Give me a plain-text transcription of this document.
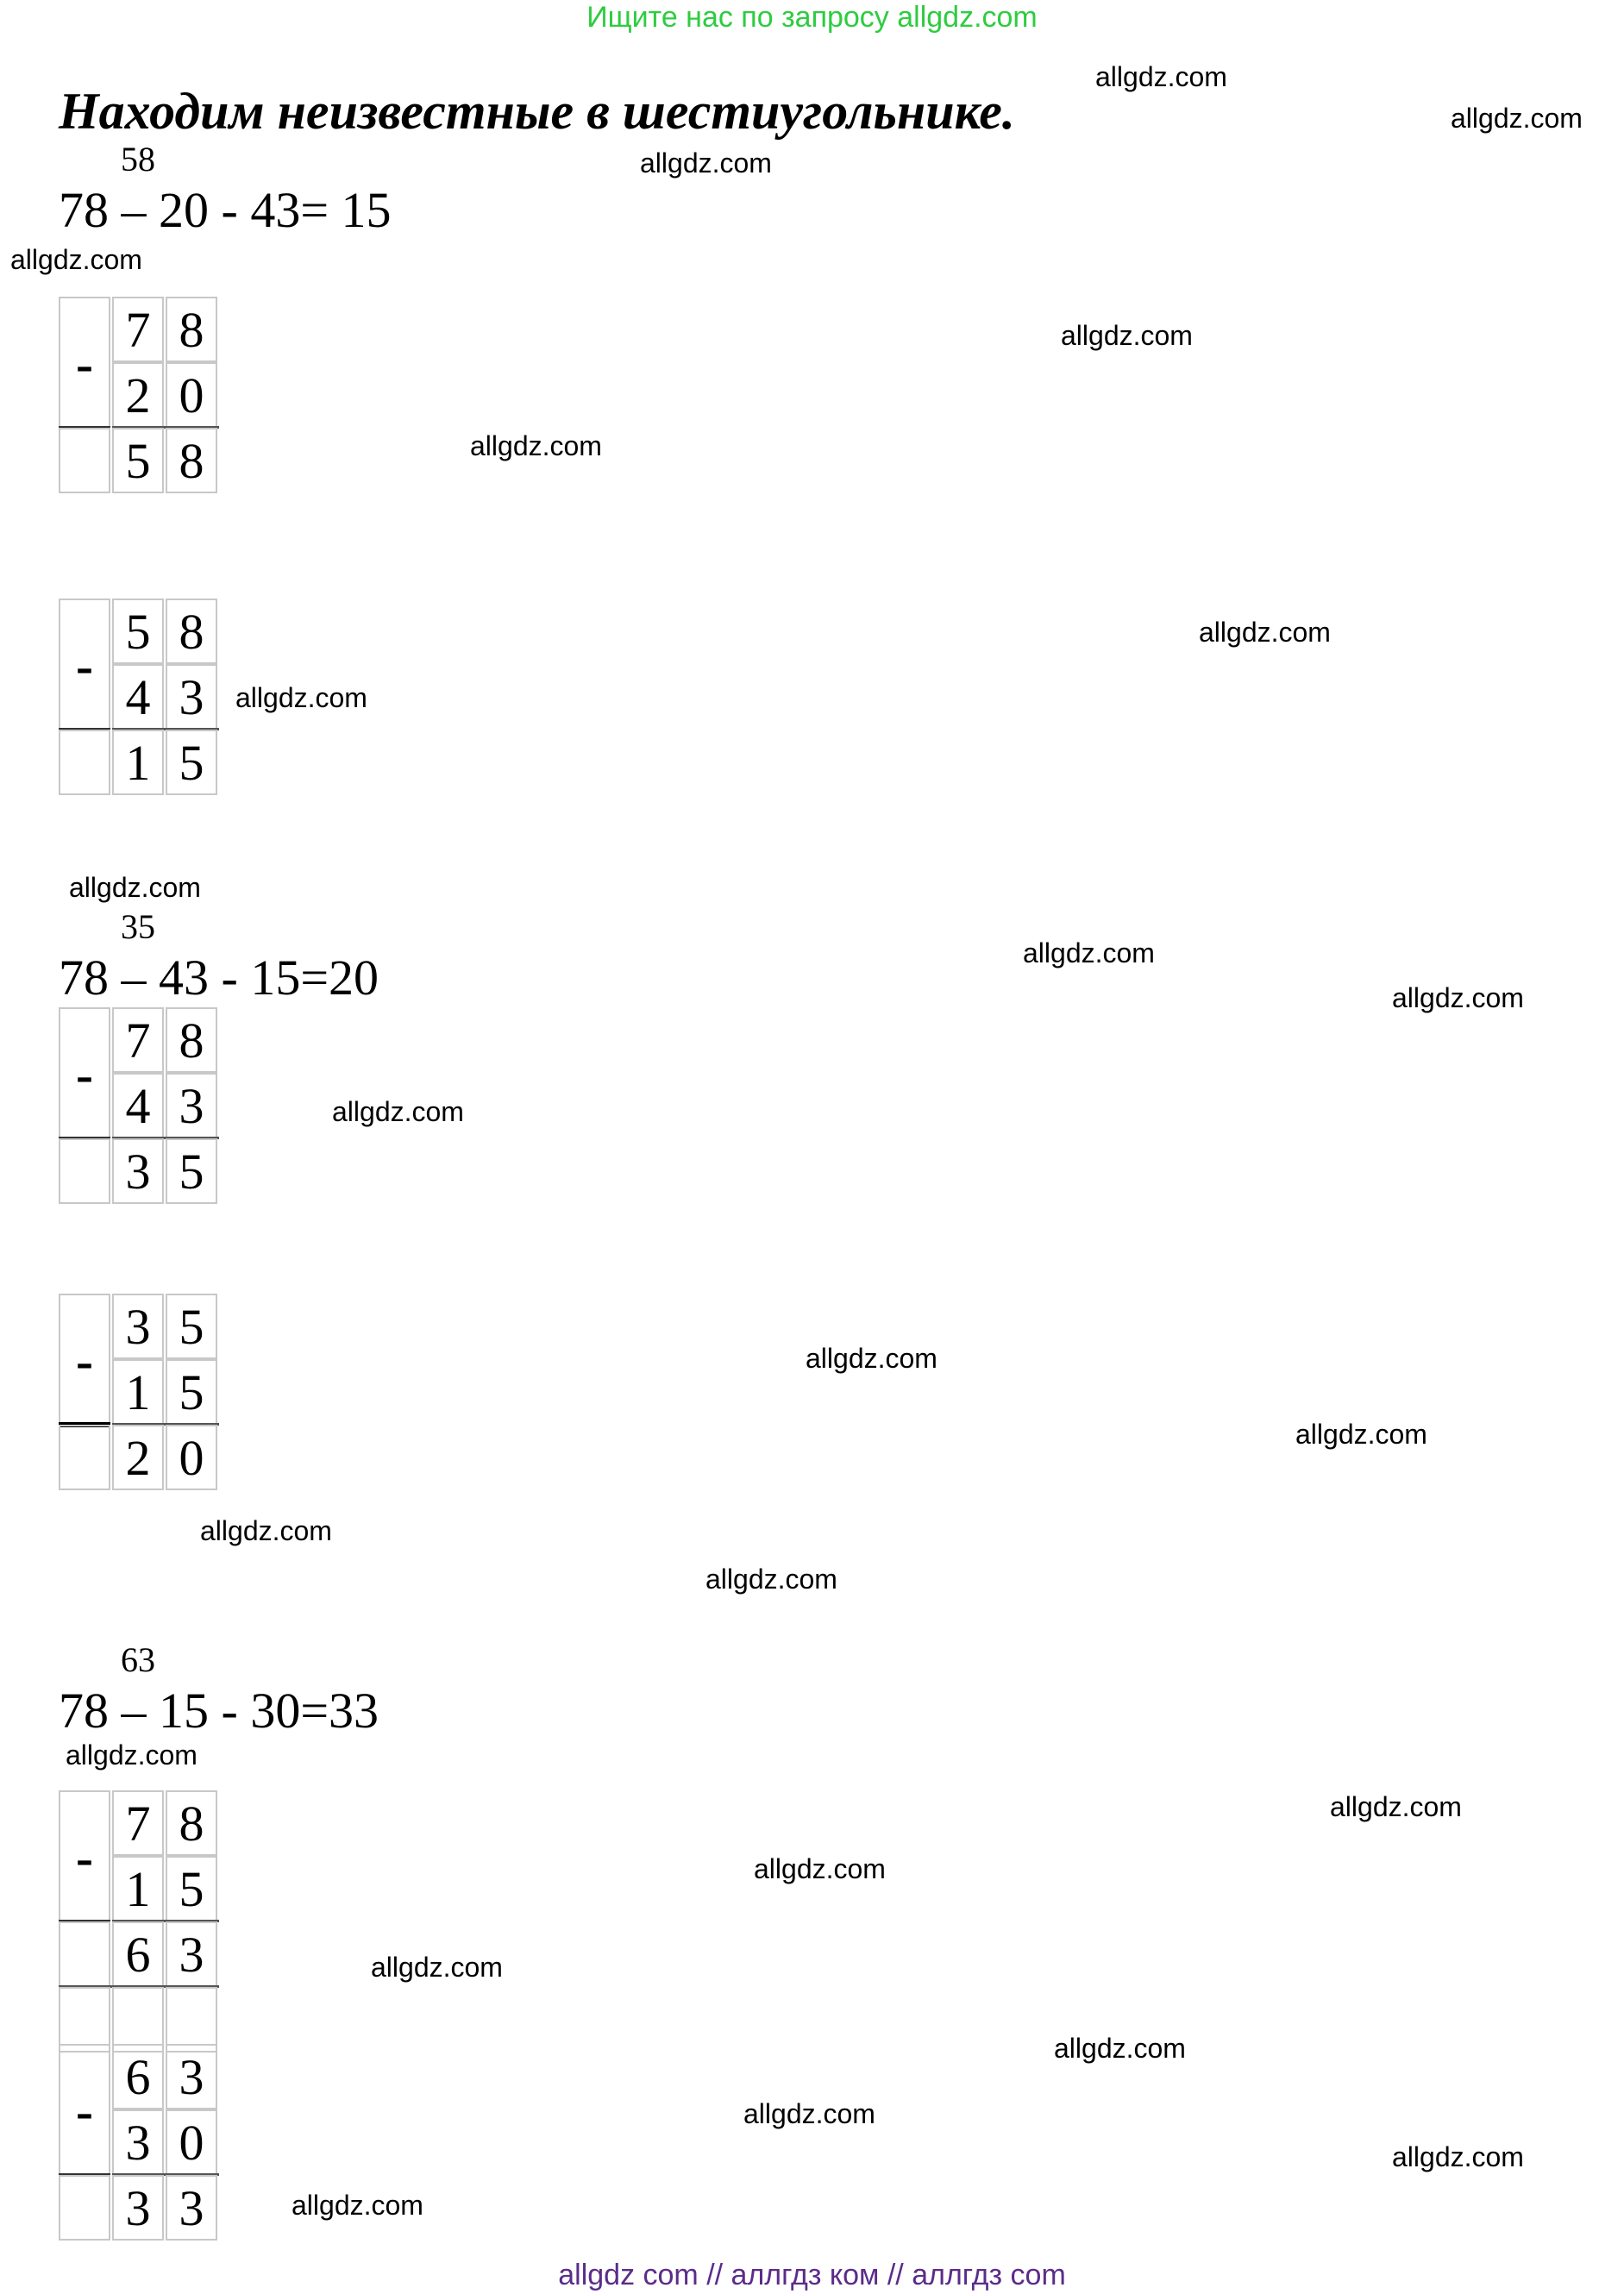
Ищите нас по запросу allgdz.com
Находим неизвестные в шестиугольнике.
allgdz.com
allgdz.com
allgdz.com
allgdz.com
allgdz.com
allgdz.com
allgdz.com
allgdz.com
allgdz.com
allgdz.com
allgdz.com
allgdz.com
allgdz.com
allgdz.com
allgdz.com
allgdz.com
allgdz.com
allgdz.com
allgdz.com
allgdz.com
allgdz.com
allgdz.com
allgdz.com
allgdz.com
58
78 – 20 - 43= 15
7 8
-
2 0
5 8
5 8
-
4 3
1 5
35
78 – 43 - 15=20
7 8
-
4 3
3 5
3 5
-
1 5
2 0
63
78 – 15 - 30=33
7 8
-
1 5
6 3
6 3
-
3 0
3 3
allgdz com // аллгдз ком // аллгдз com
